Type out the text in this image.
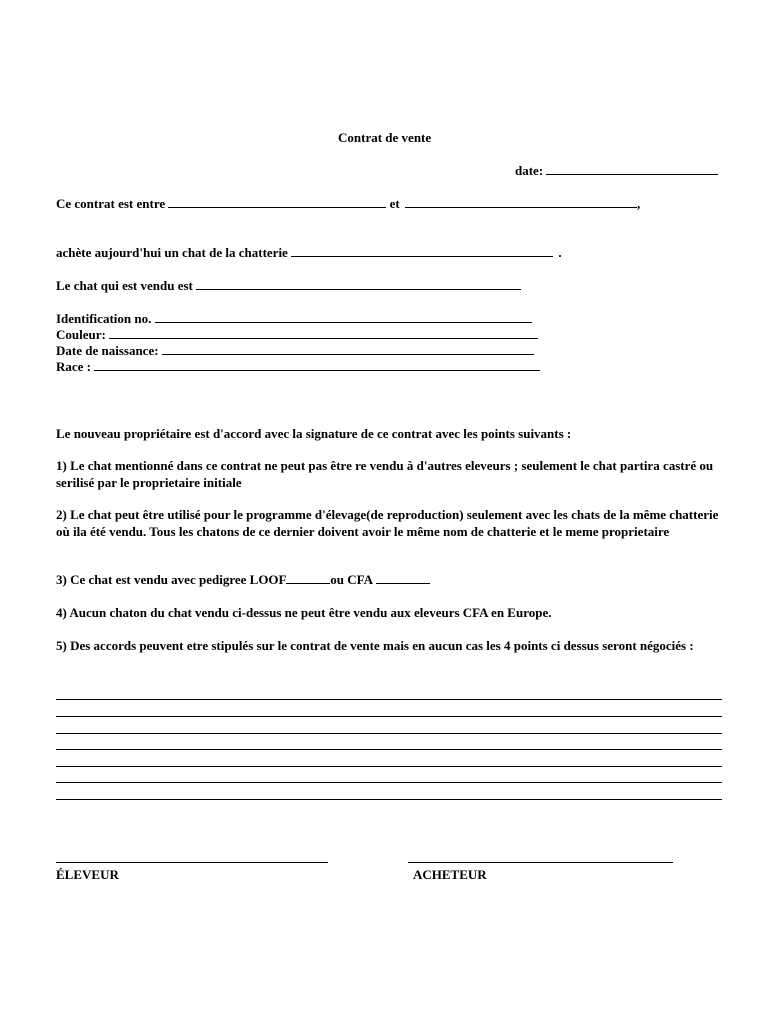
Contrat de vente
date:
Ce contrat est entre	et	,
achète aujourd'hui un chat de la chatterie	.
Le chat qui est vendu est
Identification no.
Couleur:
Date de naissance:
Race :
Le nouveau propriétaire est d'accord avec la signature de ce contrat avec les points suivants :
1) Le chat mentionné dans ce contrat ne peut pas être re vendu à d'autres eleveurs ; seulement le chat partira castré ou serilisé par le proprietaire initiale
2) Le chat peut être utilisé pour le programme d'élevage(de reproduction) seulement avec les chats de la même chatterie où ila été vendu. Tous les chatons de ce dernier doivent avoir le même nom de chatterie et le meme proprietaire
3) Ce chat est vendu avec pedigree LOOF	ou CFA
4) Aucun chaton du chat vendu ci-dessus ne peut être vendu aux eleveurs CFA en Europe.
5) Des accords peuvent etre stipulés sur le contrat de vente mais en aucun cas les 4 points ci dessus seront négociés :
ÉLEVEUR	ACHETEUR
